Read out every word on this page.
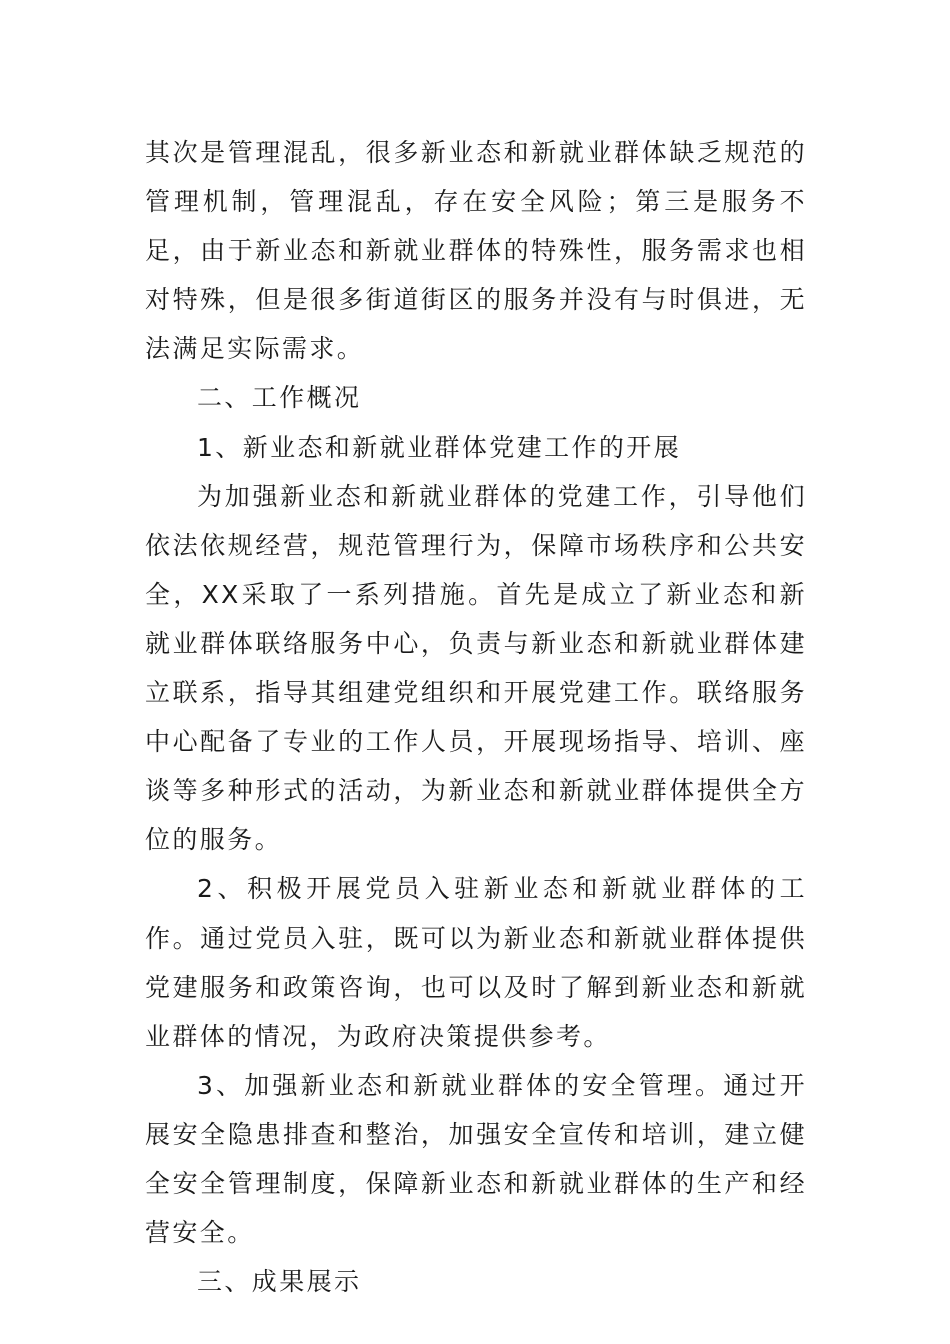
其次是管理混乱，很多新业态和新就业群体缺乏规范的管理机制，管理混乱，存在安全风险；第三是服务不足，由于新业态和新就业群体的特殊性，服务需求也相对特殊，但是很多街道街区的服务并没有与时俱进，无法满足实际需求。

二、工作概况

1、新业态和新就业群体党建工作的开展

为加强新业态和新就业群体的党建工作，引导他们依法依规经营，规范管理行为，保障市场秩序和公共安全，XX采取了一系列措施。首先是成立了新业态和新就业群体联络服务中心，负责与新业态和新就业群体建立联系，指导其组建党组织和开展党建工作。联络服务中心配备了专业的工作人员，开展现场指导、培训、座谈等多种形式的活动，为新业态和新就业群体提供全方位的服务。

2、积极开展党员入驻新业态和新就业群体的工作。通过党员入驻，既可以为新业态和新就业群体提供党建服务和政策咨询，也可以及时了解到新业态和新就业群体的情况，为政府决策提供参考。

3、加强新业态和新就业群体的安全管理。通过开展安全隐患排查和整治，加强安全宣传和培训，建立健全安全管理制度，保障新业态和新就业群体的生产和经营安全。

三、成果展示
